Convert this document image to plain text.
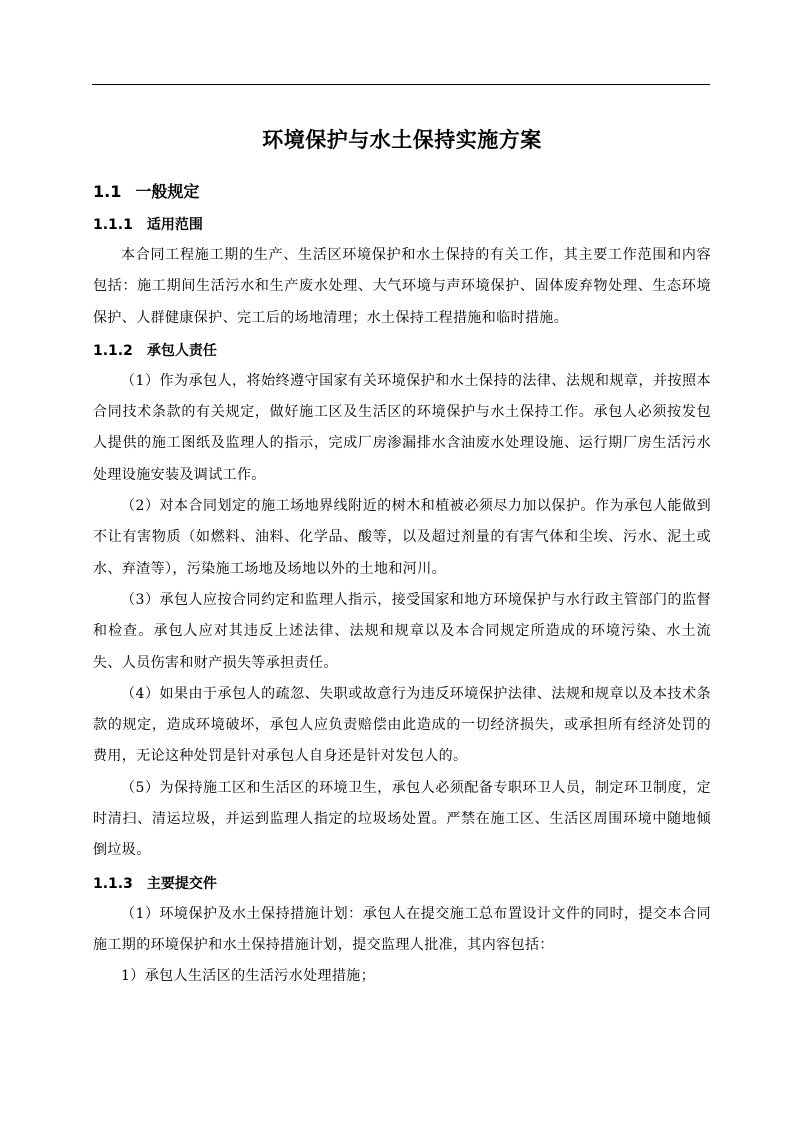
环境保护与水土保持实施方案
1.1 一般规定
1.1.1 适用范围

本合同工程施工期的生产、生活区环境保护和水土保持的有关工作，其主要工作范围和内容包括：施工期间生活污水和生产废水处理、大气环境与声环境保护、固体废弃物处理、生态环境保护、人群健康保护、完工后的场地清理；水土保持工程措施和临时措施。

1.1.2 承包人责任

（1）作为承包人，将始终遵守国家有关环境保护和水土保持的法律、法规和规章，并按照本合同技术条款的有关规定，做好施工区及生活区的环境保护与水土保持工作。承包人必须按发包人提供的施工图纸及监理人的指示，完成厂房渗漏排水含油废水处理设施、运行期厂房生活污水处理设施安装及调试工作。

（2）对本合同划定的施工场地界线附近的树木和植被必须尽力加以保护。作为承包人能做到不让有害物质（如燃料、油料、化学品、酸等，以及超过剂量的有害气体和尘埃、污水、泥土或水、弃渣等），污染施工场地及场地以外的土地和河川。

（3）承包人应按合同约定和监理人指示，接受国家和地方环境保护与水行政主管部门的监督和检查。承包人应对其违反上述法律、法规和规章以及本合同规定所造成的环境污染、水土流失、人员伤害和财产损失等承担责任。

（4）如果由于承包人的疏忽、失职或故意行为违反环境保护法律、法规和规章以及本技术条款的规定，造成环境破坏，承包人应负责赔偿由此造成的一切经济损失，或承担所有经济处罚的费用，无论这种处罚是针对承包人自身还是针对发包人的。

（5）为保持施工区和生活区的环境卫生，承包人必须配备专职环卫人员，制定环卫制度，定时清扫、清运垃圾，并运到监理人指定的垃圾场处置。严禁在施工区、生活区周围环境中随地倾倒垃圾。

1.1.3 主要提交件

（1）环境保护及水土保持措施计划：承包人在提交施工总布置设计文件的同时，提交本合同施工期的环境保护和水土保持措施计划，提交监理人批准，其内容包括：

1）承包人生活区的生活污水处理措施；
